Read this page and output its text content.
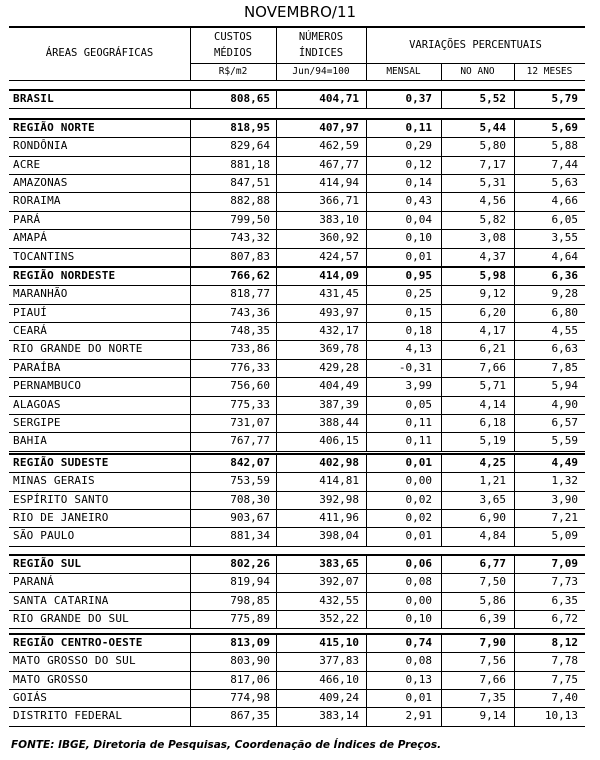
NOVEMBRO/11
ÁREAS GEOGRÁFICAS
CUSTOS
MÉDIOS
NÚMEROS
ÍNDICES
VARIAÇÕES PERCENTUAIS
R$/m2	Jun/94=100	MENSAL	NO ANO	12 MESES
BRASIL	808,65	404,71	0,37	5,52	5,79
REGIÃO NORTE	818,95	407,97	0,11	5,44	5,69
RONDÔNIA	829,64	462,59	0,29	5,80	5,88
ACRE	881,18	467,77	0,12	7,17	7,44
AMAZONAS	847,51	414,94	0,14	5,31	5,63
RORAIMA	882,88	366,71	0,43	4,56	4,66
PARÁ	799,50	383,10	0,04	5,82	6,05
AMAPÁ	743,32	360,92	0,10	3,08	3,55
TOCANTINS	807,83	424,57	0,01	4,37	4,64
REGIÃO NORDESTE	766,62	414,09	0,95	5,98	6,36
MARANHÃO	818,77	431,45	0,25	9,12	9,28
PIAUÍ	743,36	493,97	0,15	6,20	6,80
CEARÁ	748,35	432,17	0,18	4,17	4,55
RIO GRANDE DO NORTE	733,86	369,78	4,13	6,21	6,63
PARAÍBA	776,33	429,28	-0,31	7,66	7,85
PERNAMBUCO	756,60	404,49	3,99	5,71	5,94
ALAGOAS	775,33	387,39	0,05	4,14	4,90
SERGIPE	731,07	388,44	0,11	6,18	6,57
BAHIA	767,77	406,15	0,11	5,19	5,59
REGIÃO SUDESTE	842,07	402,98	0,01	4,25	4,49
MINAS GERAIS	753,59	414,81	0,00	1,21	1,32
ESPÍRITO SANTO	708,30	392,98	0,02	3,65	3,90
RIO DE JANEIRO	903,67	411,96	0,02	6,90	7,21
SÃO PAULO	881,34	398,04	0,01	4,84	5,09
REGIÃO SUL	802,26	383,65	0,06	6,77	7,09
PARANÁ	819,94	392,07	0,08	7,50	7,73
SANTA CATARINA	798,85	432,55	0,00	5,86	6,35
RIO GRANDE DO SUL	775,89	352,22	0,10	6,39	6,72
REGIÃO CENTRO-OESTE	813,09	415,10	0,74	7,90	8,12
MATO GROSSO DO SUL	803,90	377,83	0,08	7,56	7,78
MATO GROSSO	817,06	466,10	0,13	7,66	7,75
GOIÁS	774,98	409,24	0,01	7,35	7,40
DISTRITO FEDERAL	867,35	383,14	2,91	9,14	10,13
FONTE: IBGE, Diretoria de Pesquisas, Coordenação de Índices de Preços.
